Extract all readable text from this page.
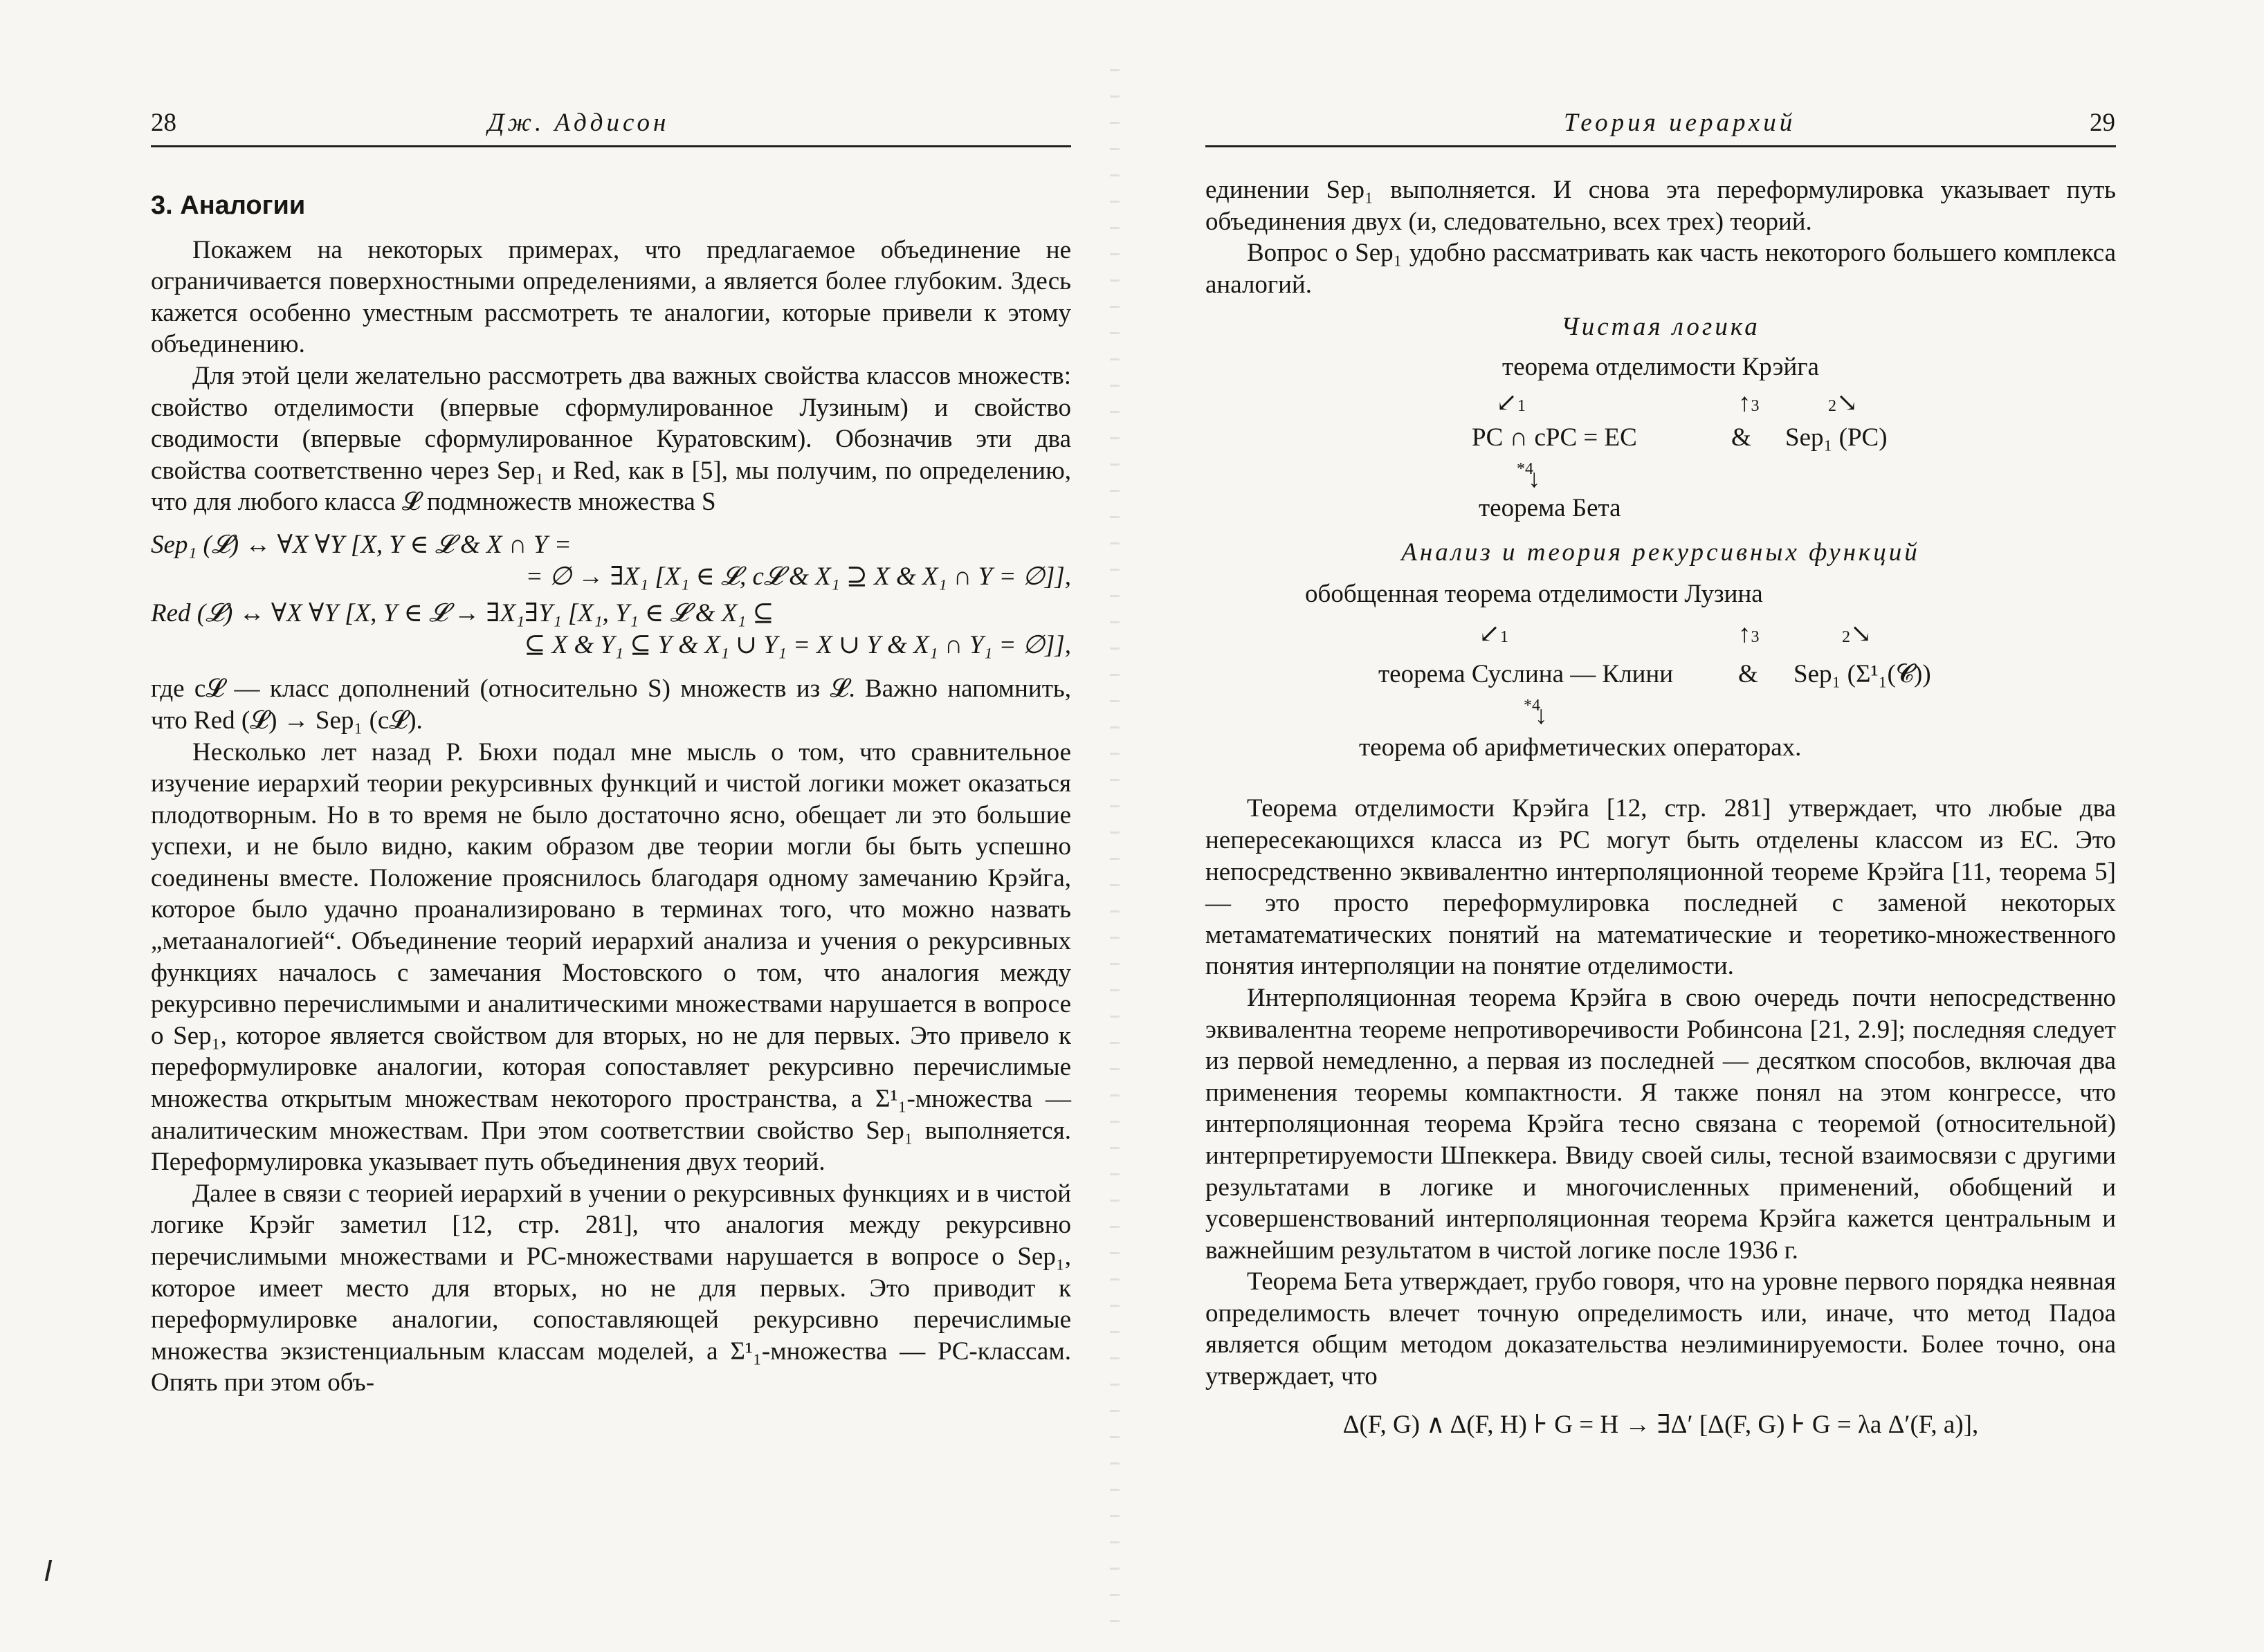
28	Дж. Аддисон
3. Аналогии

Покажем на некоторых примерах, что предлагаемое объединение не ограничивается поверхностными определениями, а является более глубоким. Здесь кажется особенно уместным рассмотреть те аналогии, которые привели к этому объединению.

Для этой цели желательно рассмотреть два важных свойства классов множеств: свойство отделимости (впервые сформулированное Лузиным) и свойство сводимости (впервые сформулированное Куратовским). Обозначив эти два свойства соответственно через Sep₁ и Red, как в [5], мы получим, по определению, что для любого класса 𝓛 подмножеств множества S

Sep₁ (𝓛) ↔ ∀X ∀Y [X, Y ∈ 𝓛 & X ∩ Y =
= ∅ → ∃X₁ [X₁ ∈ 𝓛, c𝓛 & X₁ ⊇ X & X₁ ∩ Y = ∅]],
Red (𝓛) ↔ ∀X ∀Y [X, Y ∈ 𝓛 → ∃X₁∃Y₁ [X₁, Y₁ ∈ 𝓛 & X₁ ⊆
⊆ X & Y₁ ⊆ Y & X₁ ∪ Y₁ = X ∪ Y & X₁ ∩ Y₁ = ∅]],

где c𝓛 — класс дополнений (относительно S) множеств из 𝓛. Важно напомнить, что Red (𝓛) → Sep₁ (c𝓛).

Несколько лет назад Р. Бюхи подал мне мысль о том, что сравнительное изучение иерархий теории рекурсивных функций и чистой логики может оказаться плодотворным. Но в то время не было достаточно ясно, обещает ли это большие успехи, и не было видно, каким образом две теории могли бы быть успешно соединены вместе. Положение прояснилось благодаря одному замечанию Крэйга, которое было удачно проанализировано в терминах того, что можно назвать „метааналогией“. Объединение теорий иерархий анализа и учения о рекурсивных функциях началось с замечания Мостовского о том, что аналогия между рекурсивно перечислимыми и аналитическими множествами нарушается в вопросе о Sep₁, которое является свойством для вторых, но не для первых. Это привело к переформулировке аналогии, которая сопоставляет рекурсивно перечислимые множества открытым множествам некоторого пространства, а Σ¹₁-множества — аналитическим множествам. При этом соответствии свойство Sep₁ выполняется. Переформулировка указывает путь объединения двух теорий.

Далее в связи с теорией иерархий в учении о рекурсивных функциях и в чистой логике Крэйг заметил [12, стр. 281], что аналогия между рекурсивно перечислимыми множествами и PC-множествами нарушается в вопросе о Sep₁, которое имеет место для вторых, но не для первых. Это приводит к переформулировке аналогии, сопоставляющей рекурсивно перечислимые множества экзистенциальным классам моделей, а Σ¹₁-множества — PC-классам. Опять при этом объ-

Теория иерархий	29

единении Sep₁ выполняется. И снова эта переформулировка указывает путь объединения двух (и, следовательно, всех трех) теорий.

Вопрос о Sep₁ удобно рассматривать как часть некоторого большего комплекса аналогий.

Чистая логика
теорема отделимости Крэйга
↙1	↑3	2↘
PC ∩ cPC = EC	& Sep₁ (PC)
*4
↓
теорема Бета
Анализ и теория рекурсивных функций
обобщенная теорема отделимости Лузина
↙1	↑3	2↘
теорема Суслина — Клини	& Sep₁ (Σ¹₁(𝓒))
*4
↓
теорема об арифметических операторах.

Теорема отделимости Крэйга [12, стр. 281] утверждает, что любые два непересекающихся класса из PC могут быть отделены классом из EC. Это непосредственно эквивалентно интерполяционной теореме Крэйга [11, теорема 5] — это просто переформулировка последней с заменой некоторых метаматематических понятий на математические и теоретико-множественного понятия интерполяции на понятие отделимости.

Интерполяционная теорема Крэйга в свою очередь почти непосредственно эквивалентна теореме непротиворечивости Робинсона [21, 2.9]; последняя следует из первой немедленно, а первая из последней — десятком способов, включая два применения теоремы компактности. Я также понял на этом конгрессе, что интерполяционная теорема Крэйга тесно связана с теоремой (относительной) интерпретируемости Шпеккера. Ввиду своей силы, тесной взаимосвязи с другими результатами в логике и многочисленных применений, обобщений и усовершенствований интерполяционная теорема Крэйга кажется центральным и важнейшим результатом в чистой логике после 1936 г.

Теорема Бета утверждает, грубо говоря, что на уровне первого порядка неявная определимость влечет точную определимость или, иначе, что метод Падоа является общим методом доказательства неэлиминируемости. Более точно, она утверждает, что

Δ(F, G) ∧ Δ(F, H) ⊦ G = H → ∃Δ′ [Δ(F, G) ⊦ G = λa Δ′(F, a)],
